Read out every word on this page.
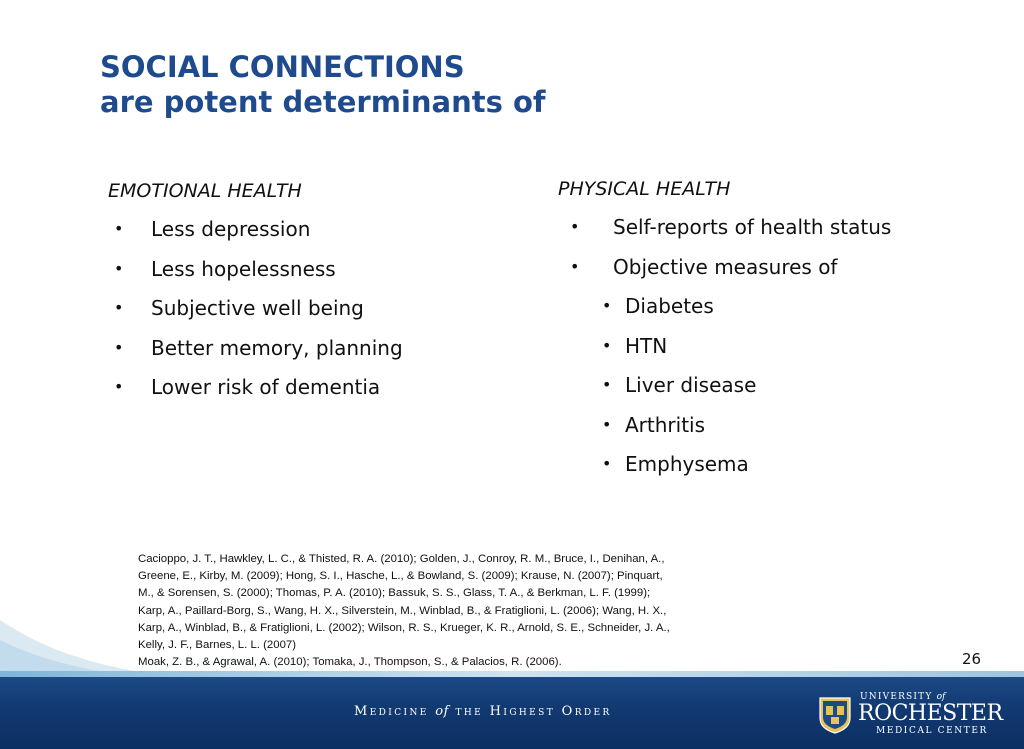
SOCIAL CONNECTIONS
are potent determinants of

EMOTIONAL HEALTH

• Less depression
• Less hopelessness
• Subjective well being
• Better memory, planning
• Lower risk of dementia

PHYSICAL HEALTH

• Self-reports of health status
• Objective measures of
• Diabetes
• HTN
• Liver disease
• Arthritis
• Emphysema

Cacioppo, J. T., Hawkley, L. C., & Thisted, R. A. (2010); Golden, J., Conroy, R. M., Bruce, I., Denihan, A.,

Greene, E., Kirby, M. (2009); Hong, S. I., Hasche, L., & Bowland, S. (2009); Krause, N. (2007); Pinquart,

M., & Sorensen, S. (2000); Thomas, P. A. (2010); Bassuk, S. S., Glass, T. A., & Berkman, L. F. (1999);

Karp, A., Paillard-Borg, S., Wang, H. X., Silverstein, M., Winblad, B., & Fratiglioni, L. (2006); Wang, H. X.,

Karp, A., Winblad, B., & Fratiglioni, L. (2002); Wilson, R. S., Krueger, K. R., Arnold, S. E., Schneider, J. A.,

Kelly, J. F., Barnes, L. L. (2007)

Moak, Z. B., & Agrawal, A. (2010); Tomaka, J., Thompson, S., & Palacios, R. (2006).	26
Medicine of the Highest Order
UNIVERSITY of
ROCHESTER
MEDICAL CENTER
